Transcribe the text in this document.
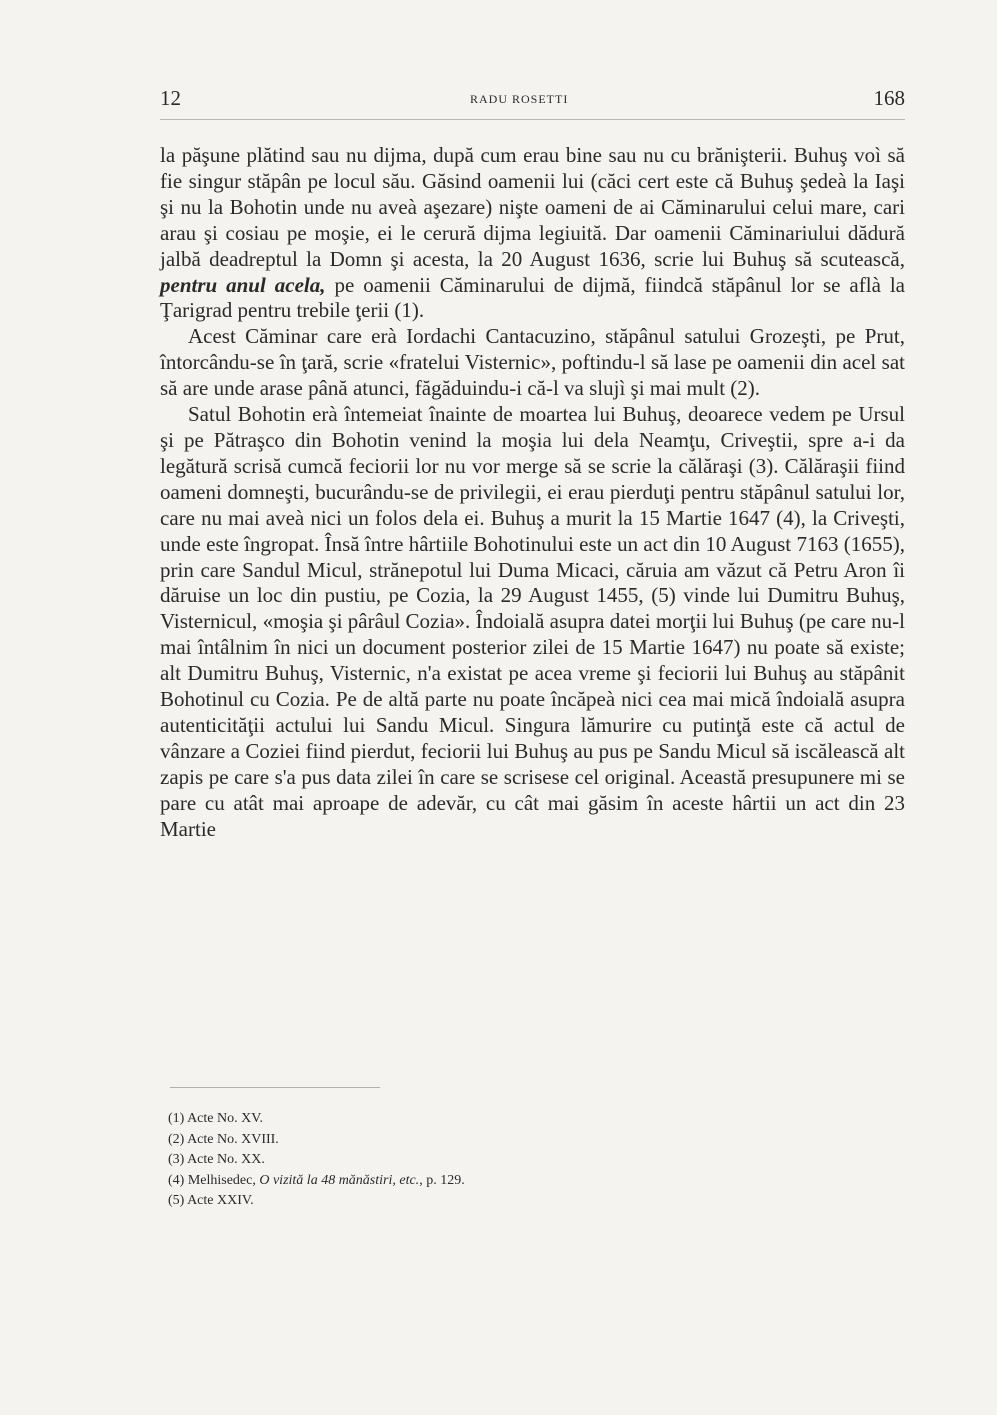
12	RADU ROSETTI	168

la păşune plătind sau nu dijma, după cum erau bine sau nu cu brănişterii. Buhuş voì să fie singur stăpân pe locul său. Găsind oamenii lui (căci cert este că Buhuş şedeà la Iaşi şi nu la Bohotin unde nu aveà aşezare) nişte oameni de ai Căminarului celui mare, cari arau şi cosiau pe moşie, ei le cerură dijma legiuită. Dar oamenii Căminariului dădură jalbă deadreptul la Domn şi acesta, la 20 August 1636, scrie lui Buhuş să scutească, pentru anul acela, pe oamenii Căminarului de dijmă, fiindcă stăpânul lor se aflà la Ţarigrad pentru trebile ţerii (1).

Acest Căminar care erà Iordachi Cantacuzino, stăpânul satului Grozeşti, pe Prut, întorcându-se în ţară, scrie «fratelui Visternic», poftindu-l să lase pe oamenii din acel sat să are unde arase până atunci, făgăduindu-i că-l va slujì şi mai mult (2).

Satul Bohotin erà întemeiat înainte de moartea lui Buhuş, deoarece vedem pe Ursul şi pe Pătraşco din Bohotin venind la moşia lui dela Neamţu, Criveştii, spre a-i da legătură scrisă cumcă feciorii lor nu vor merge să se scrie la călăraşi (3). Călăraşii fiind oameni domneşti, bucurându-se de privilegii, ei erau pierduţi pentru stăpânul satului lor, care nu mai aveà nici un folos dela ei. Buhuş a murit la 15 Martie 1647 (4), la Criveşti, unde este îngropat. Însă între hârtiile Bohotinului este un act din 10 August 7163 (1655), prin care Sandul Micul, strănepotul lui Duma Micaci, căruia am văzut că Petru Aron îi dăruise un loc din pustiu, pe Cozia, la 29 August 1455, (5) vinde lui Dumitru Buhuş, Visternicul, «moşia şi pârâul Cozia». Îndoială asupra datei morţii lui Buhuş (pe care nu-l mai întâlnim în nici un document posterior zilei de 15 Martie 1647) nu poate să existe; alt Dumitru Buhuş, Visternic, n'a existat pe acea vreme şi feciorii lui Buhuş au stăpânit Bohotinul cu Cozia. Pe de altă parte nu poate încăpeà nici cea mai mică îndoială asupra autenticităţii actului lui Sandu Micul. Singura lămurire cu putinţă este că actul de vânzare a Coziei fiind pierdut, feciorii lui Buhuş au pus pe Sandu Micul să iscălească alt zapis pe care s'a pus data zilei în care se scrisese cel original. Această presupunere mi se pare cu atât mai aproape de adevăr, cu cât mai găsim în aceste hârtii un act din 23 Martie

(1) Acte No. XV.
(2) Acte No. XVIII.
(3) Acte No. XX.
(4) Melhisedec, O vizită la 48 mănăstiri, etc., p. 129.
(5) Acte XXIV.
